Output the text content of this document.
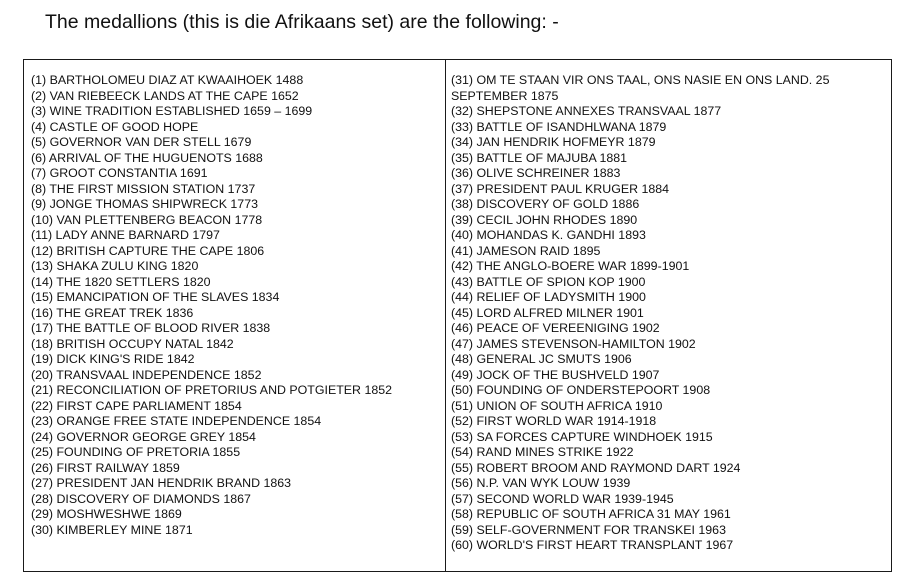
The medallions (this is die Afrikaans set) are the following: -
(1) BARTHOLOMEU DIAZ AT KWAAIHOEK 1488
(2) VAN RIEBEECK LANDS AT THE CAPE 1652
(3) WINE TRADITION ESTABLISHED 1659 – 1699
(4) CASTLE OF GOOD HOPE
(5) GOVERNOR VAN DER STELL 1679
(6) ARRIVAL OF THE HUGUENOTS 1688
(7) GROOT CONSTANTIA 1691
(8) THE FIRST MISSION STATION 1737
(9) JONGE THOMAS SHIPWRECK 1773
(10) VAN PLETTENBERG BEACON 1778
(11) LADY ANNE BARNARD 1797
(12) BRITISH CAPTURE THE CAPE 1806
(13) SHAKA ZULU KING 1820
(14) THE 1820 SETTLERS 1820
(15) EMANCIPATION OF THE SLAVES 1834
(16) THE GREAT TREK 1836
(17) THE BATTLE OF BLOOD RIVER 1838
(18) BRITISH OCCUPY NATAL 1842
(19) DICK KING'S RIDE 1842
(20) TRANSVAAL INDEPENDENCE 1852
(21) RECONCILIATION OF PRETORIUS AND POTGIETER 1852
(22) FIRST CAPE PARLIAMENT 1854
(23) ORANGE FREE STATE INDEPENDENCE 1854
(24) GOVERNOR GEORGE GREY 1854
(25) FOUNDING OF PRETORIA 1855
(26) FIRST RAILWAY 1859
(27) PRESIDENT JAN HENDRIK BRAND 1863
(28) DISCOVERY OF DIAMONDS 1867
(29) MOSHWESHWE 1869
(30) KIMBERLEY MINE 1871
(31) OM TE STAAN VIR ONS TAAL, ONS NASIE EN ONS LAND. 25 SEPTEMBER 1875
(32) SHEPSTONE ANNEXES TRANSVAAL 1877
(33) BATTLE OF ISANDHLWANA 1879
(34) JAN HENDRIK HOFMEYR 1879
(35) BATTLE OF MAJUBA 1881
(36) OLIVE SCHREINER 1883
(37) PRESIDENT PAUL KRUGER 1884
(38) DISCOVERY OF GOLD 1886
(39) CECIL JOHN RHODES 1890
(40) MOHANDAS K. GANDHI 1893
(41) JAMESON RAID 1895
(42) THE ANGLO-BOERE WAR 1899-1901
(43) BATTLE OF SPION KOP 1900
(44) RELIEF OF LADYSMITH 1900
(45) LORD ALFRED MILNER 1901
(46) PEACE OF VEREENIGING 1902
(47) JAMES STEVENSON-HAMILTON 1902
(48) GENERAL JC SMUTS 1906
(49) JOCK OF THE BUSHVELD 1907
(50) FOUNDING OF ONDERSTEPOORT 1908
(51) UNION OF SOUTH AFRICA 1910
(52) FIRST WORLD WAR 1914-1918
(53) SA FORCES CAPTURE WINDHOEK 1915
(54) RAND MINES STRIKE 1922
(55) ROBERT BROOM AND RAYMOND DART 1924
(56) N.P. VAN WYK LOUW 1939
(57) SECOND WORLD WAR 1939-1945
(58) REPUBLIC OF SOUTH AFRICA 31 MAY 1961
(59) SELF-GOVERNMENT FOR TRANSKEI 1963
(60) WORLD'S FIRST HEART TRANSPLANT 1967
